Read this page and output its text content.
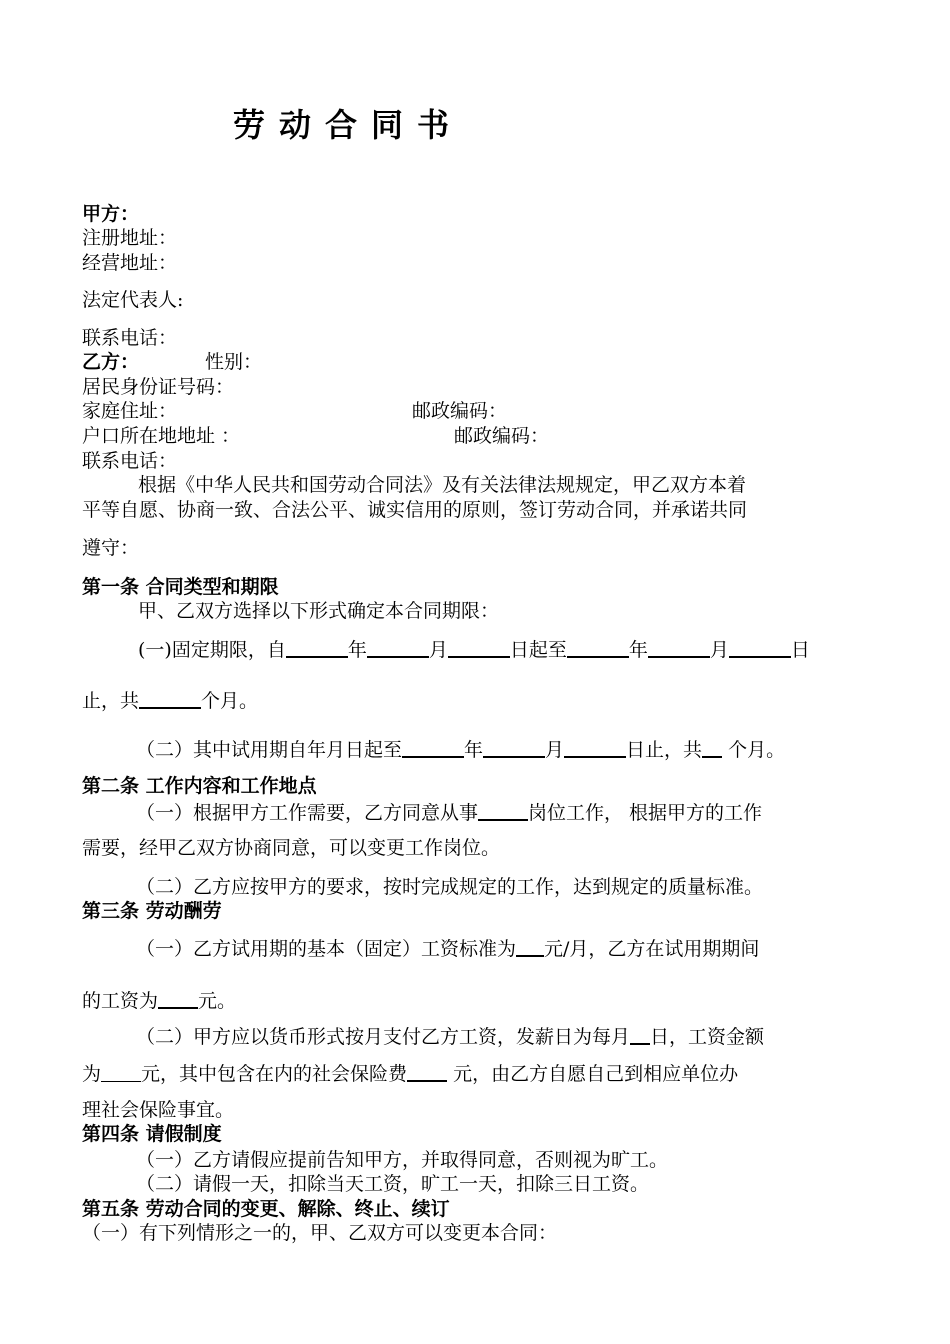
劳动合同书
甲方：
注册地址：
经营地址：
法定代表人:
联系电话：
乙方：	性别：
居民身份证号码：
家庭住址：	邮政编码：
户口所在地地址 ：	邮政编码：
联系电话：
根据《中华人民共和国劳动合同法》及有关法律法规规定，甲乙双方本着
平等自愿、协商一致、合法公平、诚实信用的原则，签订劳动合同，并承诺共同
遵守：
第一条 合同类型和期限
甲、乙双方选择以下形式确定本合同期限：
(一)固定期限，自	年	月	日起至	年	月	日
止，共	个月。
（二）其中试用期自年月日起至	年	月	日止，共 个月。
第二条 工作内容和工作地点
（一）根据甲方工作需要，乙方同意从事	岗位工作， 根据甲方的工作
需要，经甲乙双方协商同意，可以变更工作岗位。
（二）乙方应按甲方的要求，按时完成规定的工作，达到规定的质量标准。
第三条 劳动酬劳
（一）乙方试用期的基本（固定）工资标准为 元/月，乙方在试用期期间
的工资为 元。
（二）甲方应以货币形式按月支付乙方工资，发薪日为每月 日，工资金额
为 元，其中包含在内的社会保险费 元，由乙方自愿自己到相应单位办
理社会保险事宜。
第四条 请假制度
（一）乙方请假应提前告知甲方，并取得同意，否则视为旷工。
（二）请假一天，扣除当天工资，旷工一天，扣除三日工资。
第五条 劳动合同的变更、解除、终止、续订
（一）有下列情形之一的，甲、乙双方可以变更本合同：
